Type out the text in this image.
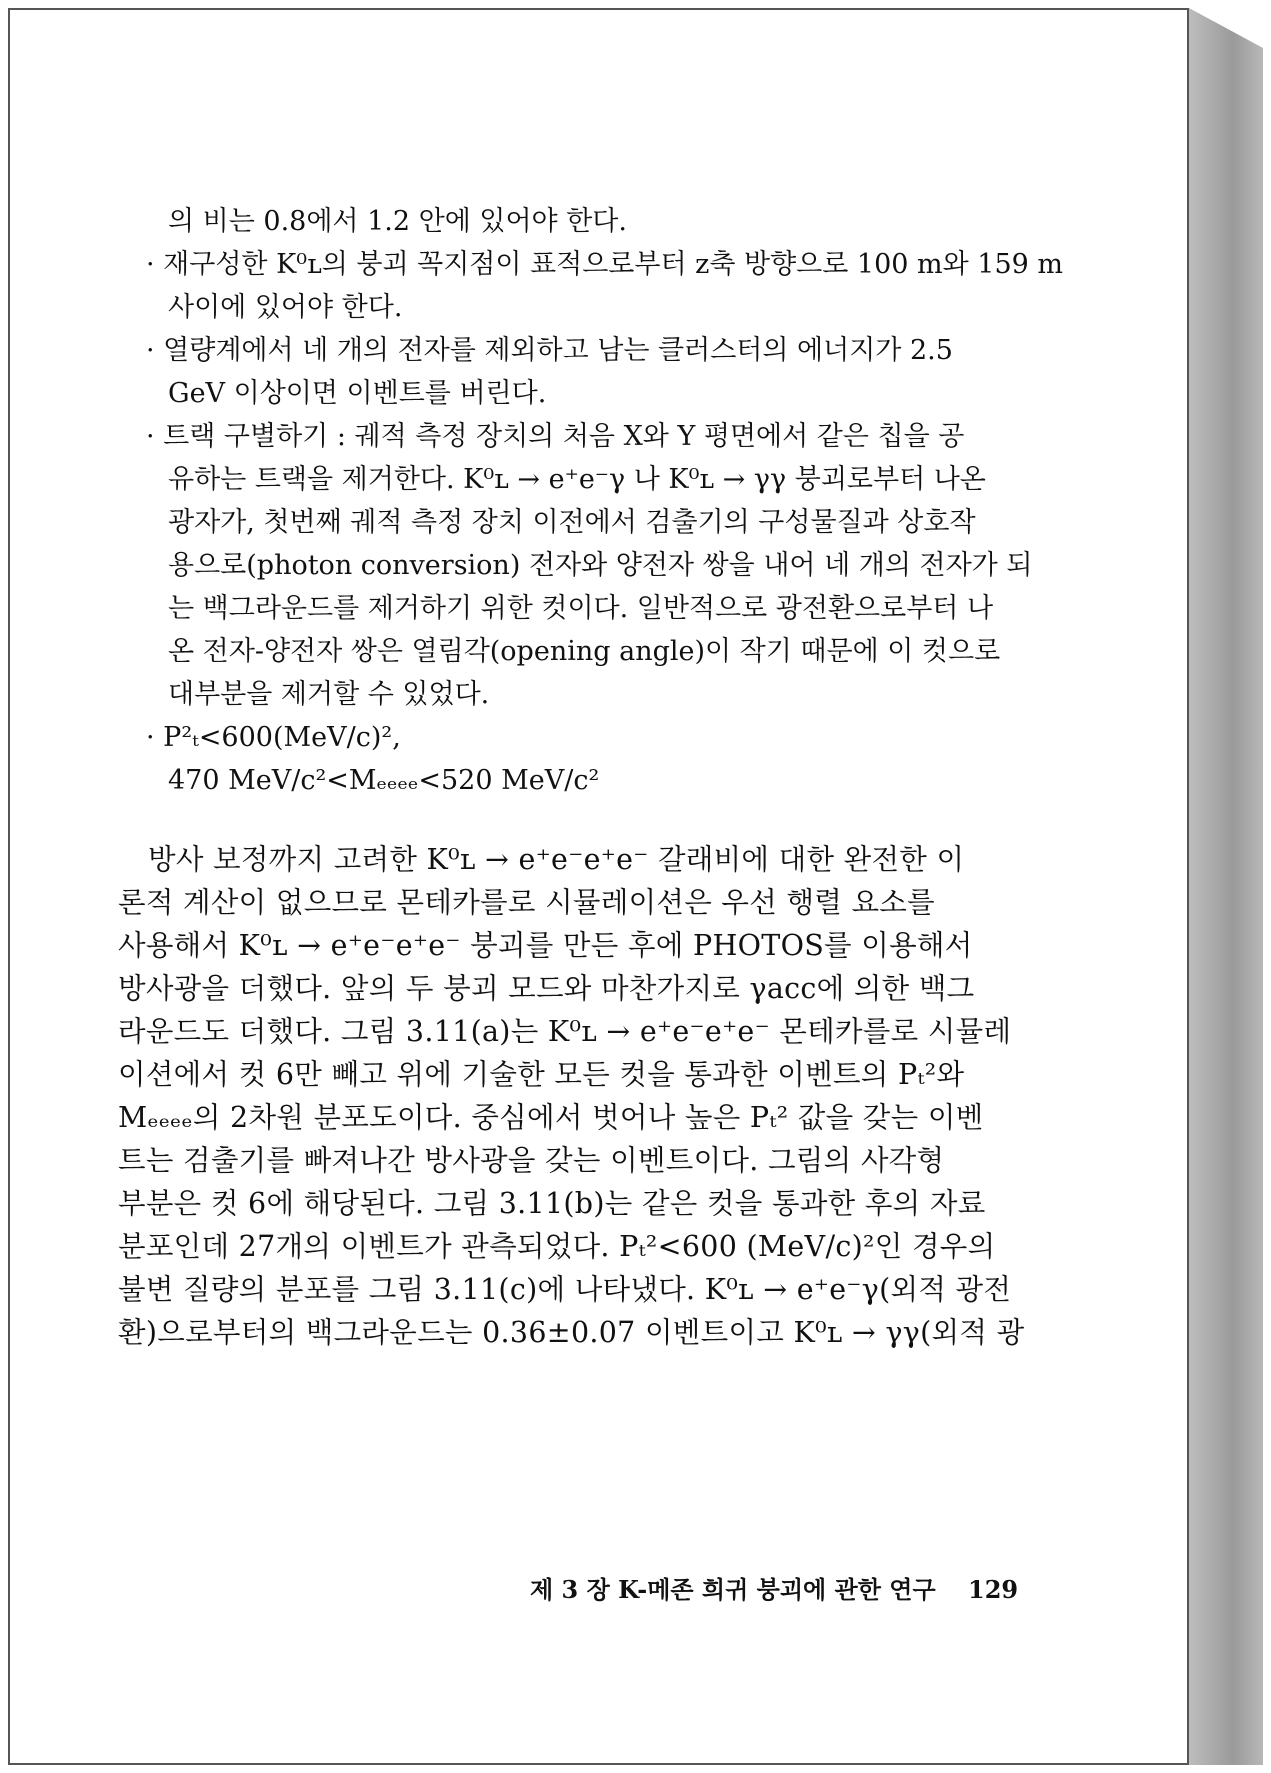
의 비는 0.8에서 1.2 안에 있어야 한다.
· 재구성한 K⁰ʟ의 붕괴 꼭지점이 표적으로부터 z축 방향으로 100 m와 159 m
사이에 있어야 한다.
· 열량계에서 네 개의 전자를 제외하고 남는 클러스터의 에너지가 2.5
GeV 이상이면 이벤트를 버린다.
· 트랙 구별하기 : 궤적 측정 장치의 처음 X와 Y 평면에서 같은 칩을 공
유하는 트랙을 제거한다. K⁰ʟ → e⁺e⁻γ 나 K⁰ʟ → γγ 붕괴로부터 나온
광자가, 첫번째 궤적 측정 장치 이전에서 검출기의 구성물질과 상호작
용으로(photon conversion) 전자와 양전자 쌍을 내어 네 개의 전자가 되
는 백그라운드를 제거하기 위한 컷이다. 일반적으로 광전환으로부터 나
온 전자-양전자 쌍은 열림각(opening angle)이 작기 때문에 이 컷으로
대부분을 제거할 수 있었다.
· P²ₜ<600(MeV/c)²,
470 MeV/c²<Mₑₑₑₑ<520 MeV/c²
방사 보정까지 고려한 K⁰ʟ → e⁺e⁻e⁺e⁻ 갈래비에 대한 완전한 이
론적 계산이 없으므로 몬테카를로 시뮬레이션은 우선 행렬 요소를
사용해서 K⁰ʟ → e⁺e⁻e⁺e⁻ 붕괴를 만든 후에 PHOTOS를 이용해서
방사광을 더했다. 앞의 두 붕괴 모드와 마찬가지로 γacc에 의한 백그
라운드도 더했다. 그림 3.11(a)는 K⁰ʟ → e⁺e⁻e⁺e⁻ 몬테카를로 시뮬레
이션에서 컷 6만 빼고 위에 기술한 모든 컷을 통과한 이벤트의 Pₜ²와
Mₑₑₑₑ의 2차원 분포도이다. 중심에서 벗어나 높은 Pₜ² 값을 갖는 이벤
트는 검출기를 빠져나간 방사광을 갖는 이벤트이다. 그림의 사각형
부분은 컷 6에 해당된다. 그림 3.11(b)는 같은 컷을 통과한 후의 자료
분포인데 27개의 이벤트가 관측되었다. Pₜ²<600 (MeV/c)²인 경우의
불변 질량의 분포를 그림 3.11(c)에 나타냈다. K⁰ʟ → e⁺e⁻γ(외적 광전
환)으로부터의 백그라운드는 0.36±0.07 이벤트이고 K⁰ʟ → γγ(외적 광
제 3 장 K-메존 희귀 붕괴에 관한 연구 129
